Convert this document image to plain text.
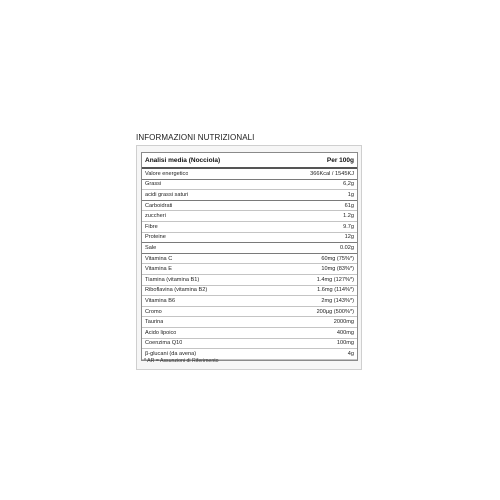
INFORMAZIONI NUTRIZIONALI
Analisi media (Nocciola)	Per 100g
Valore energetico	366Kcal / 1545KJ
Grassi	6,2g
acidi grassi saturi	1g
Carboidrati	61g
zuccheri	1.2g
Fibre	9.7g
Proteine	12g
Sale	0.02g
Vitamina C	60mg (75%*)
Vitamina E	10mg (83%*)
Tiamina (vitamina B1)	1.4mg (127%*)
Riboflavina (vitamina B2)	1.6mg (114%*)
Vitamina B6	2mg (143%*)
Cromo	200µg (500%*)
Taurina	2000mg
Acido lipoico	400mg
Coenzima Q10	100mg
β-glucani (da avena)	4g
* AR = Assunzioni di Riferimento
